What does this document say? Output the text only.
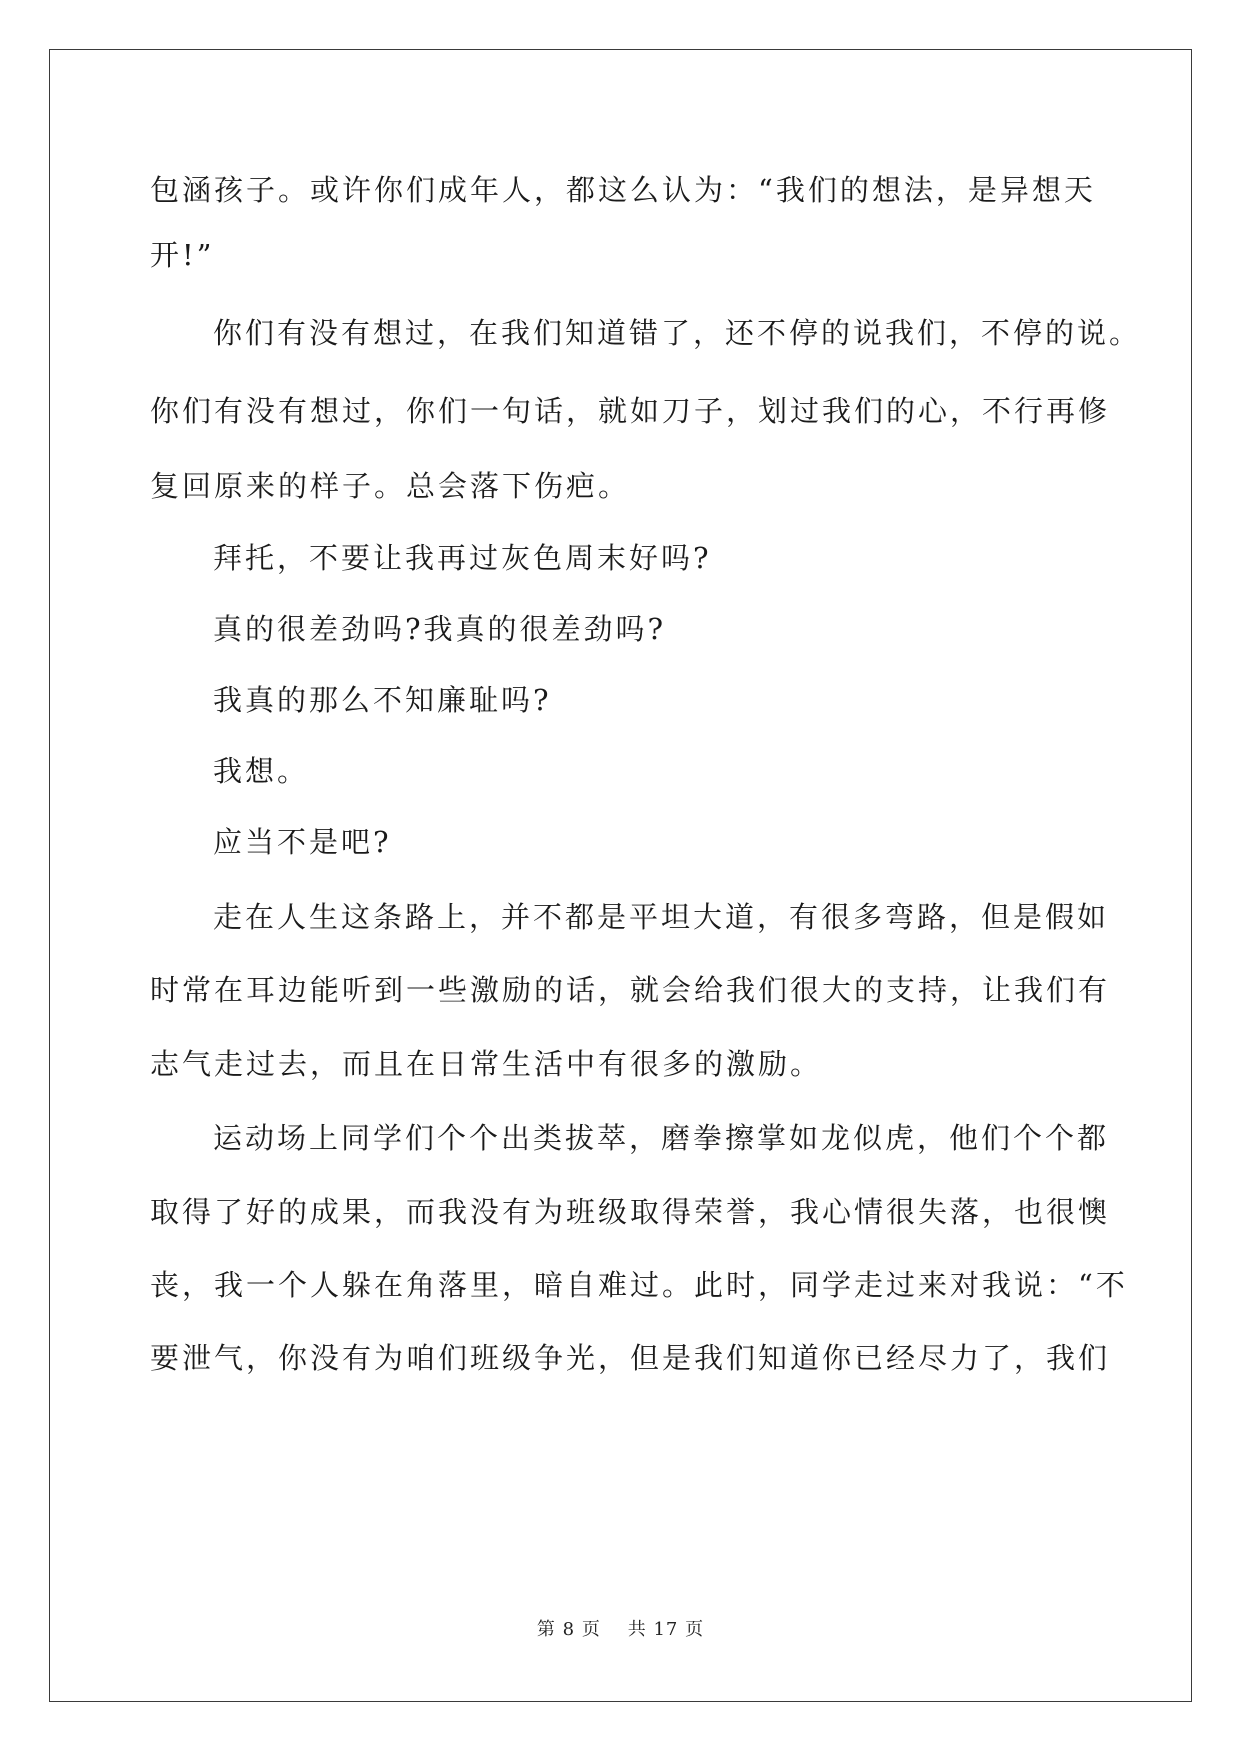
包涵孩子。或许你们成年人，都这么认为：“我们的想法，是异想天
开!”
你们有没有想过，在我们知道错了，还不停的说我们，不停的说。
你们有没有想过，你们一句话，就如刀子，划过我们的心，不行再修
复回原来的样子。总会落下伤疤。
拜托，不要让我再过灰色周末好吗?
真的很差劲吗?我真的很差劲吗?
我真的那么不知廉耻吗?
我想。
应当不是吧?
走在人生这条路上，并不都是平坦大道，有很多弯路，但是假如
时常在耳边能听到一些激励的话，就会给我们很大的支持，让我们有
志气走过去，而且在日常生活中有很多的激励。
运动场上同学们个个出类拔萃，磨拳擦掌如龙似虎，他们个个都
取得了好的成果，而我没有为班级取得荣誉，我心情很失落，也很懊
丧，我一个人躲在角落里，暗自难过。此时，同学走过来对我说：“不
要泄气，你没有为咱们班级争光，但是我们知道你已经尽力了，我们
第 8 页 共 17 页
